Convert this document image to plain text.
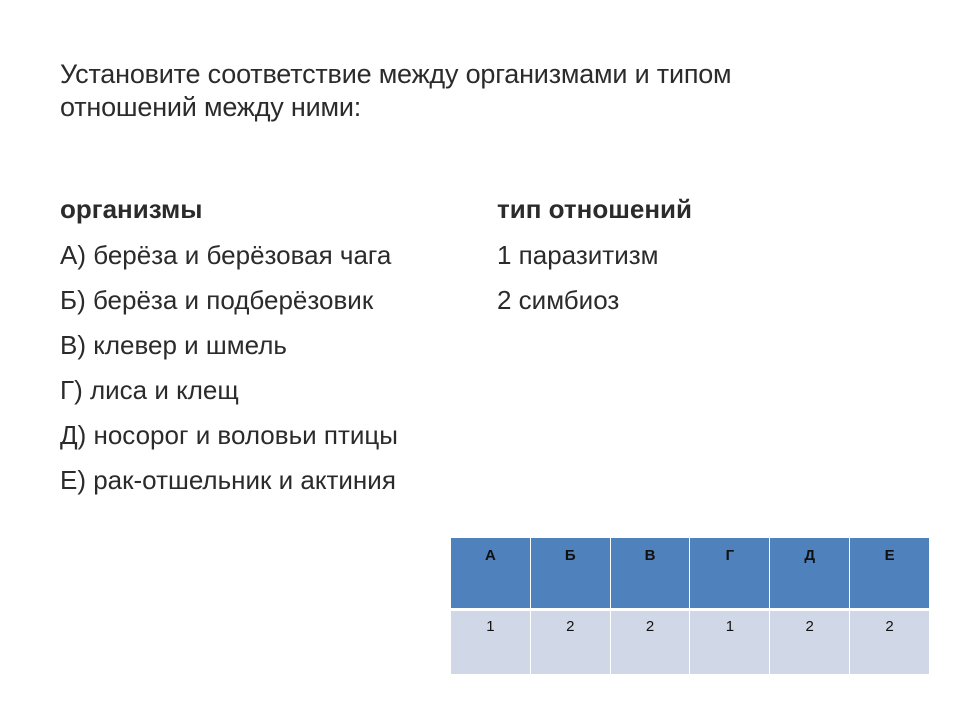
Установите соответствие между организмами и типом
отношений между ними:
организмы	тип отношений
А) берёза и берёзовая чага
Б) берёза и подберёзовик
В) клевер и шмель
Г) лиса и клещ
Д) носорог и воловьи птицы
Е) рак-отшельник и актиния
1 паразитизм
2 симбиоз
А	Б	В	Г	Д	Е
1	2	2	1	2	2
